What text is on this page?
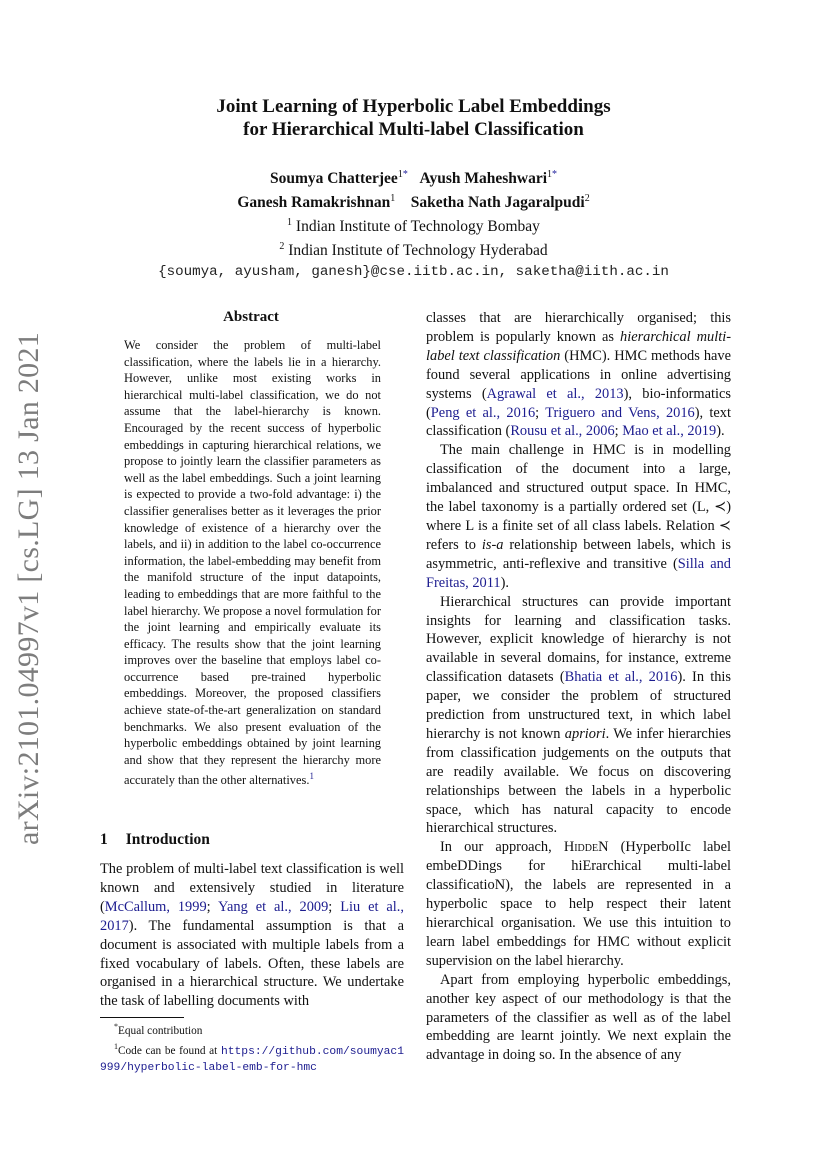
arXiv:2101.04997v1 [cs.LG] 13 Jan 2021
Joint Learning of Hyperbolic Label Embeddings
for Hierarchical Multi-label Classification
Soumya Chatterjee$^{1*}$ Ayush Maheshwari$^{1*}$
Ganesh Ramakrishnan$^1$ Saketha Nath Jagaralpudi$^2$
$^1$ Indian Institute of Technology Bombay
$^2$ Indian Institute of Technology Hyderabad
{soumya, ayusham, ganesh}@cse.iitb.ac.in, saketha@iith.ac.in
Abstract
We consider the problem of multi-label classification, where the labels lie in a hierarchy. However, unlike most existing works in hierarchical multi-label classification, we do not assume that the label-hierarchy is known. Encouraged by the recent success of hyperbolic embeddings in capturing hierarchical relations, we propose to jointly learn the classifier parameters as well as the label embeddings. Such a joint learning is expected to provide a two-fold advantage: i) the classifier generalises better as it leverages the prior knowledge of existence of a hierarchy over the labels, and ii) in addition to the label co-occurrence information, the label-embedding may benefit from the manifold structure of the input datapoints, leading to embeddings that are more faithful to the label hierarchy. We propose a novel formulation for the joint learning and empirically evaluate its efficacy. The results show that the joint learning improves over the baseline that employs label co-occurrence based pre-trained hyperbolic embeddings. Moreover, the proposed classifiers achieve state-of-the-art generalization on standard benchmarks. We also present evaluation of the hyperbolic embeddings obtained by joint learning and show that they represent the hierarchy more accurately than the other alternatives.$^1$
1 Introduction

The problem of multi-label text classification is well known and extensively studied in literature (McCallum, 1999; Yang et al., 2009; Liu et al., 2017). The fundamental assumption is that a document is associated with multiple labels from a fixed vocabulary of labels. Often, these labels are organised in a hierarchical structure. We undertake the task of labelling documents with

*Equal contribution
$^1$Code can be found at https://github.com/soumyac1999/hyperbolic-label-emb-for-hmc

classes that are hierarchically organised; this problem is popularly known as hierarchical multi-label text classification (HMC). HMC methods have found several applications in online advertising systems (Agrawal et al., 2013), bio-informatics (Peng et al., 2016; Triguero and Vens, 2016), text classification (Rousu et al., 2006; Mao et al., 2019).

The main challenge in HMC is in modelling classification of the document into a large, imbalanced and structured output space. In HMC, the label taxonomy is a partially ordered set (L, ≺) where L is a finite set of all class labels. Relation ≺ refers to is-a relationship between labels, which is asymmetric, anti-reflexive and transitive (Silla and Freitas, 2011).

Hierarchical structures can provide important insights for learning and classification tasks. However, explicit knowledge of hierarchy is not available in several domains, for instance, extreme classification datasets (Bhatia et al., 2016). In this paper, we consider the problem of structured prediction from unstructured text, in which label hierarchy is not known apriori. We infer hierarchies from classification judgements on the outputs that are readily available. We focus on discovering relationships between the labels in a hyperbolic space, which has natural capacity to encode hierarchical structures.

In our approach, HiddeN (HyperbolIc label embeDDings for hiErarchical multi-label classificatioN), the labels are represented in a hyperbolic space to help respect their latent hierarchical organisation. We use this intuition to learn label embeddings for HMC without explicit supervision on the label hierarchy.

Apart from employing hyperbolic embeddings, another key aspect of our methodology is that the parameters of the classifier as well as of the label embedding are learnt jointly. We next explain the advantage in doing so. In the absence of any
